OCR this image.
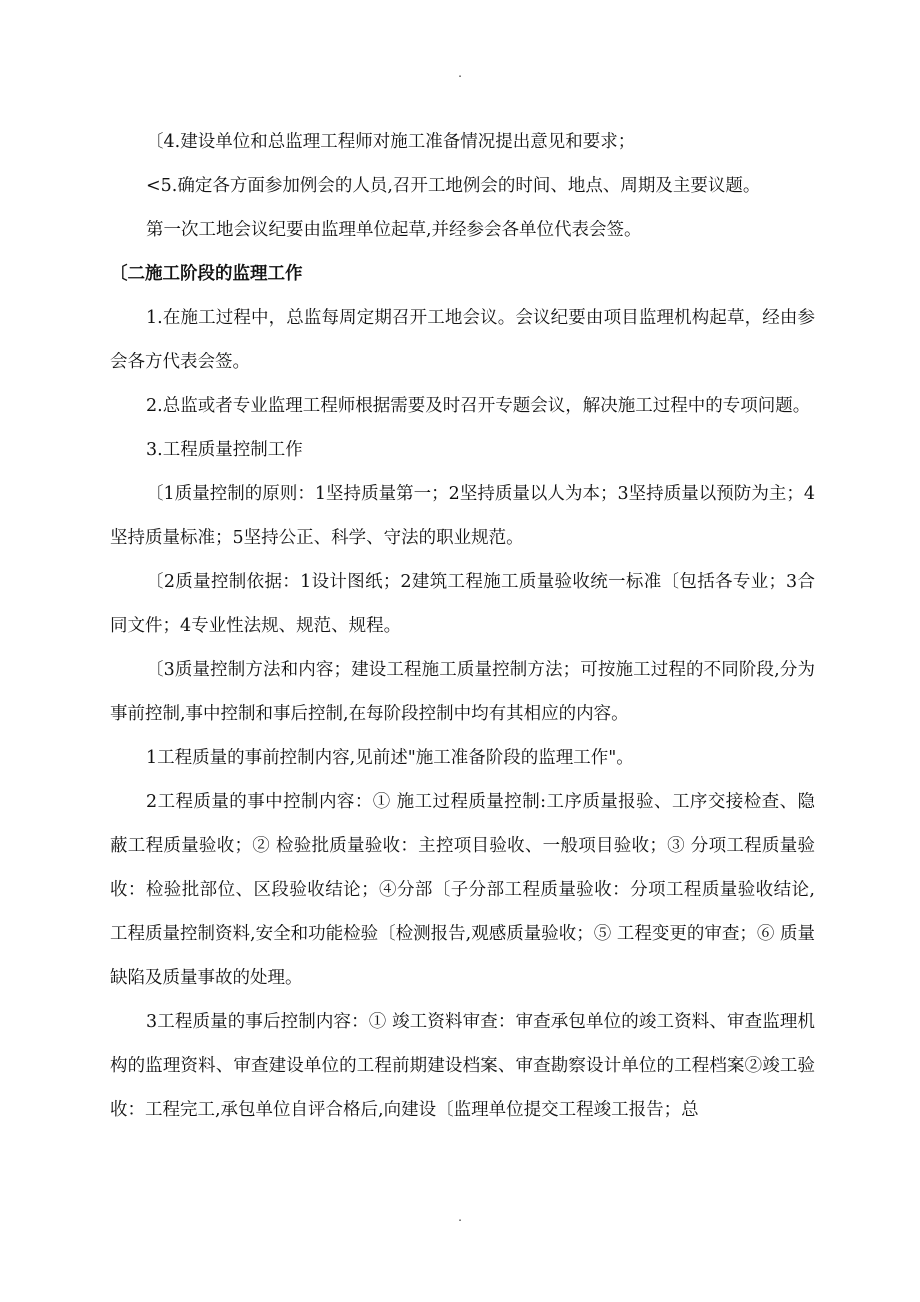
.

〔4.建设单位和总监理工程师对施工准备情况提出意见和要求；

<5.确定各方面参加例会的人员,召开工地例会的时间、地点、周期及主要议题。

第一次工地会议纪要由监理单位起草,并经参会各单位代表会签。

〔二施工阶段的监理工作

1.在施工过程中，总监每周定期召开工地会议。会议纪要由项目监理机构起草，经由参会各方代表会签。

2.总监或者专业监理工程师根据需要及时召开专题会议，解决施工过程中的专项问题。

3.工程质量控制工作

〔1质量控制的原则：1坚持质量第一；2坚持质量以人为本；3坚持质量以预防为主；4坚持质量标准；5坚持公正、科学、守法的职业规范。

〔2质量控制依据：1设计图纸；2建筑工程施工质量验收统一标准〔包括各专业；3合同文件；4专业性法规、规范、规程。

〔3质量控制方法和内容；建设工程施工质量控制方法；可按施工过程的不同阶段,分为事前控制,事中控制和事后控制,在每阶段控制中均有其相应的内容。

1工程质量的事前控制内容,见前述"施工准备阶段的监理工作"。

2工程质量的事中控制内容：① 施工过程质量控制:工序质量报验、工序交接检查、隐蔽工程质量验收；② 检验批质量验收：主控项目验收、一般项目验收；③ 分项工程质量验收：检验批部位、区段验收结论；④分部〔子分部工程质量验收：分项工程质量验收结论,工程质量控制资料,安全和功能检验〔检测报告,观感质量验收；⑤ 工程变更的审查；⑥ 质量缺陷及质量事故的处理。

3工程质量的事后控制内容：① 竣工资料审查：审查承包单位的竣工资料、审查监理机构的监理资料、审查建设单位的工程前期建设档案、审查勘察设计单位的工程档案②竣工验收：工程完工,承包单位自评合格后,向建设〔监理单位提交工程竣工报告；总

.
